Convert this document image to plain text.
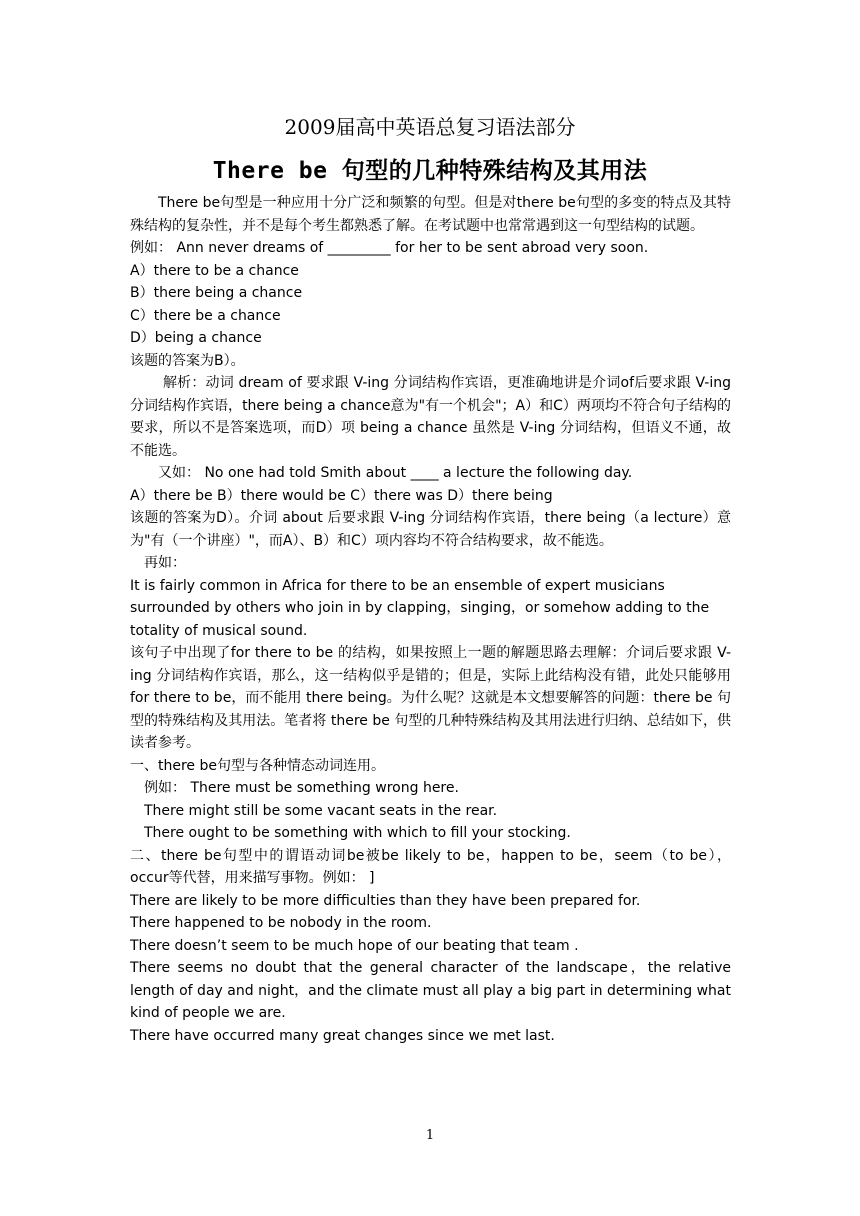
2009届高中英语总复习语法部分
There be 句型的几种特殊结构及其用法

There be句型是一种应用十分广泛和频繁的句型。但是对there be句型的多变的特点及其特殊结构的复杂性，并不是每个考生都熟悉了解。在考试题中也常常遇到这一句型结构的试题。

例如： Ann never dreams of _________ for her to be sent abroad very soon.

A）there to be a chance

B）there being a chance

C）there be a chance

D）being a chance

该题的答案为B）。

解析：动词 dream of 要求跟 V-ing 分词结构作宾语，更准确地讲是介词of后要求跟 V-ing 分词结构作宾语，there being a chance意为"有一个机会"；A）和C）两项均不符合句子结构的要求，所以不是答案选项，而D）项 being a chance 虽然是 V-ing 分词结构，但语义不通，故不能选。

又如： No one had told Smith about ____ a lecture the following day.

A）there be B）there would be C）there was D）there being

该题的答案为D）。介词 about 后要求跟 V-ing 分词结构作宾语，there being（a lecture）意为"有（一个讲座）"，而A）、B）和C）项内容均不符合结构要求，故不能选。

再如：

It is fairly common in Africa for there to be an ensemble of expert musicians surrounded by others who join in by clapping，singing，or somehow adding to the totality of musical sound.

该句子中出现了for there to be 的结构，如果按照上一题的解题思路去理解：介词后要求跟 V-ing 分词结构作宾语，那么，这一结构似乎是错的；但是，实际上此结构没有错，此处只能够用 for there to be，而不能用 there being。为什么呢？这就是本文想要解答的问题：there be 句型的特殊结构及其用法。笔者将 there be 句型的几种特殊结构及其用法进行归纳、总结如下，供读者参考。

一、there be句型与各种情态动词连用。

例如： There must be something wrong here.

There might still be some vacant seats in the rear.

There ought to be something with which to fill your stocking.

二、there be句型中的谓语动词be被be likely to be，happen to be，seem（to be）， occur等代替，用来描写事物。例如： ]

There are likely to be more difficulties than they have been prepared for.

There happened to be nobody in the room.

There doesn’t seem to be much hope of our beating that team .

There seems no doubt that the general character of the landscape，the relative length of day and night，and the climate must all play a big part in determining what kind of people we are.

There have occurred many great changes since we met last.

1
